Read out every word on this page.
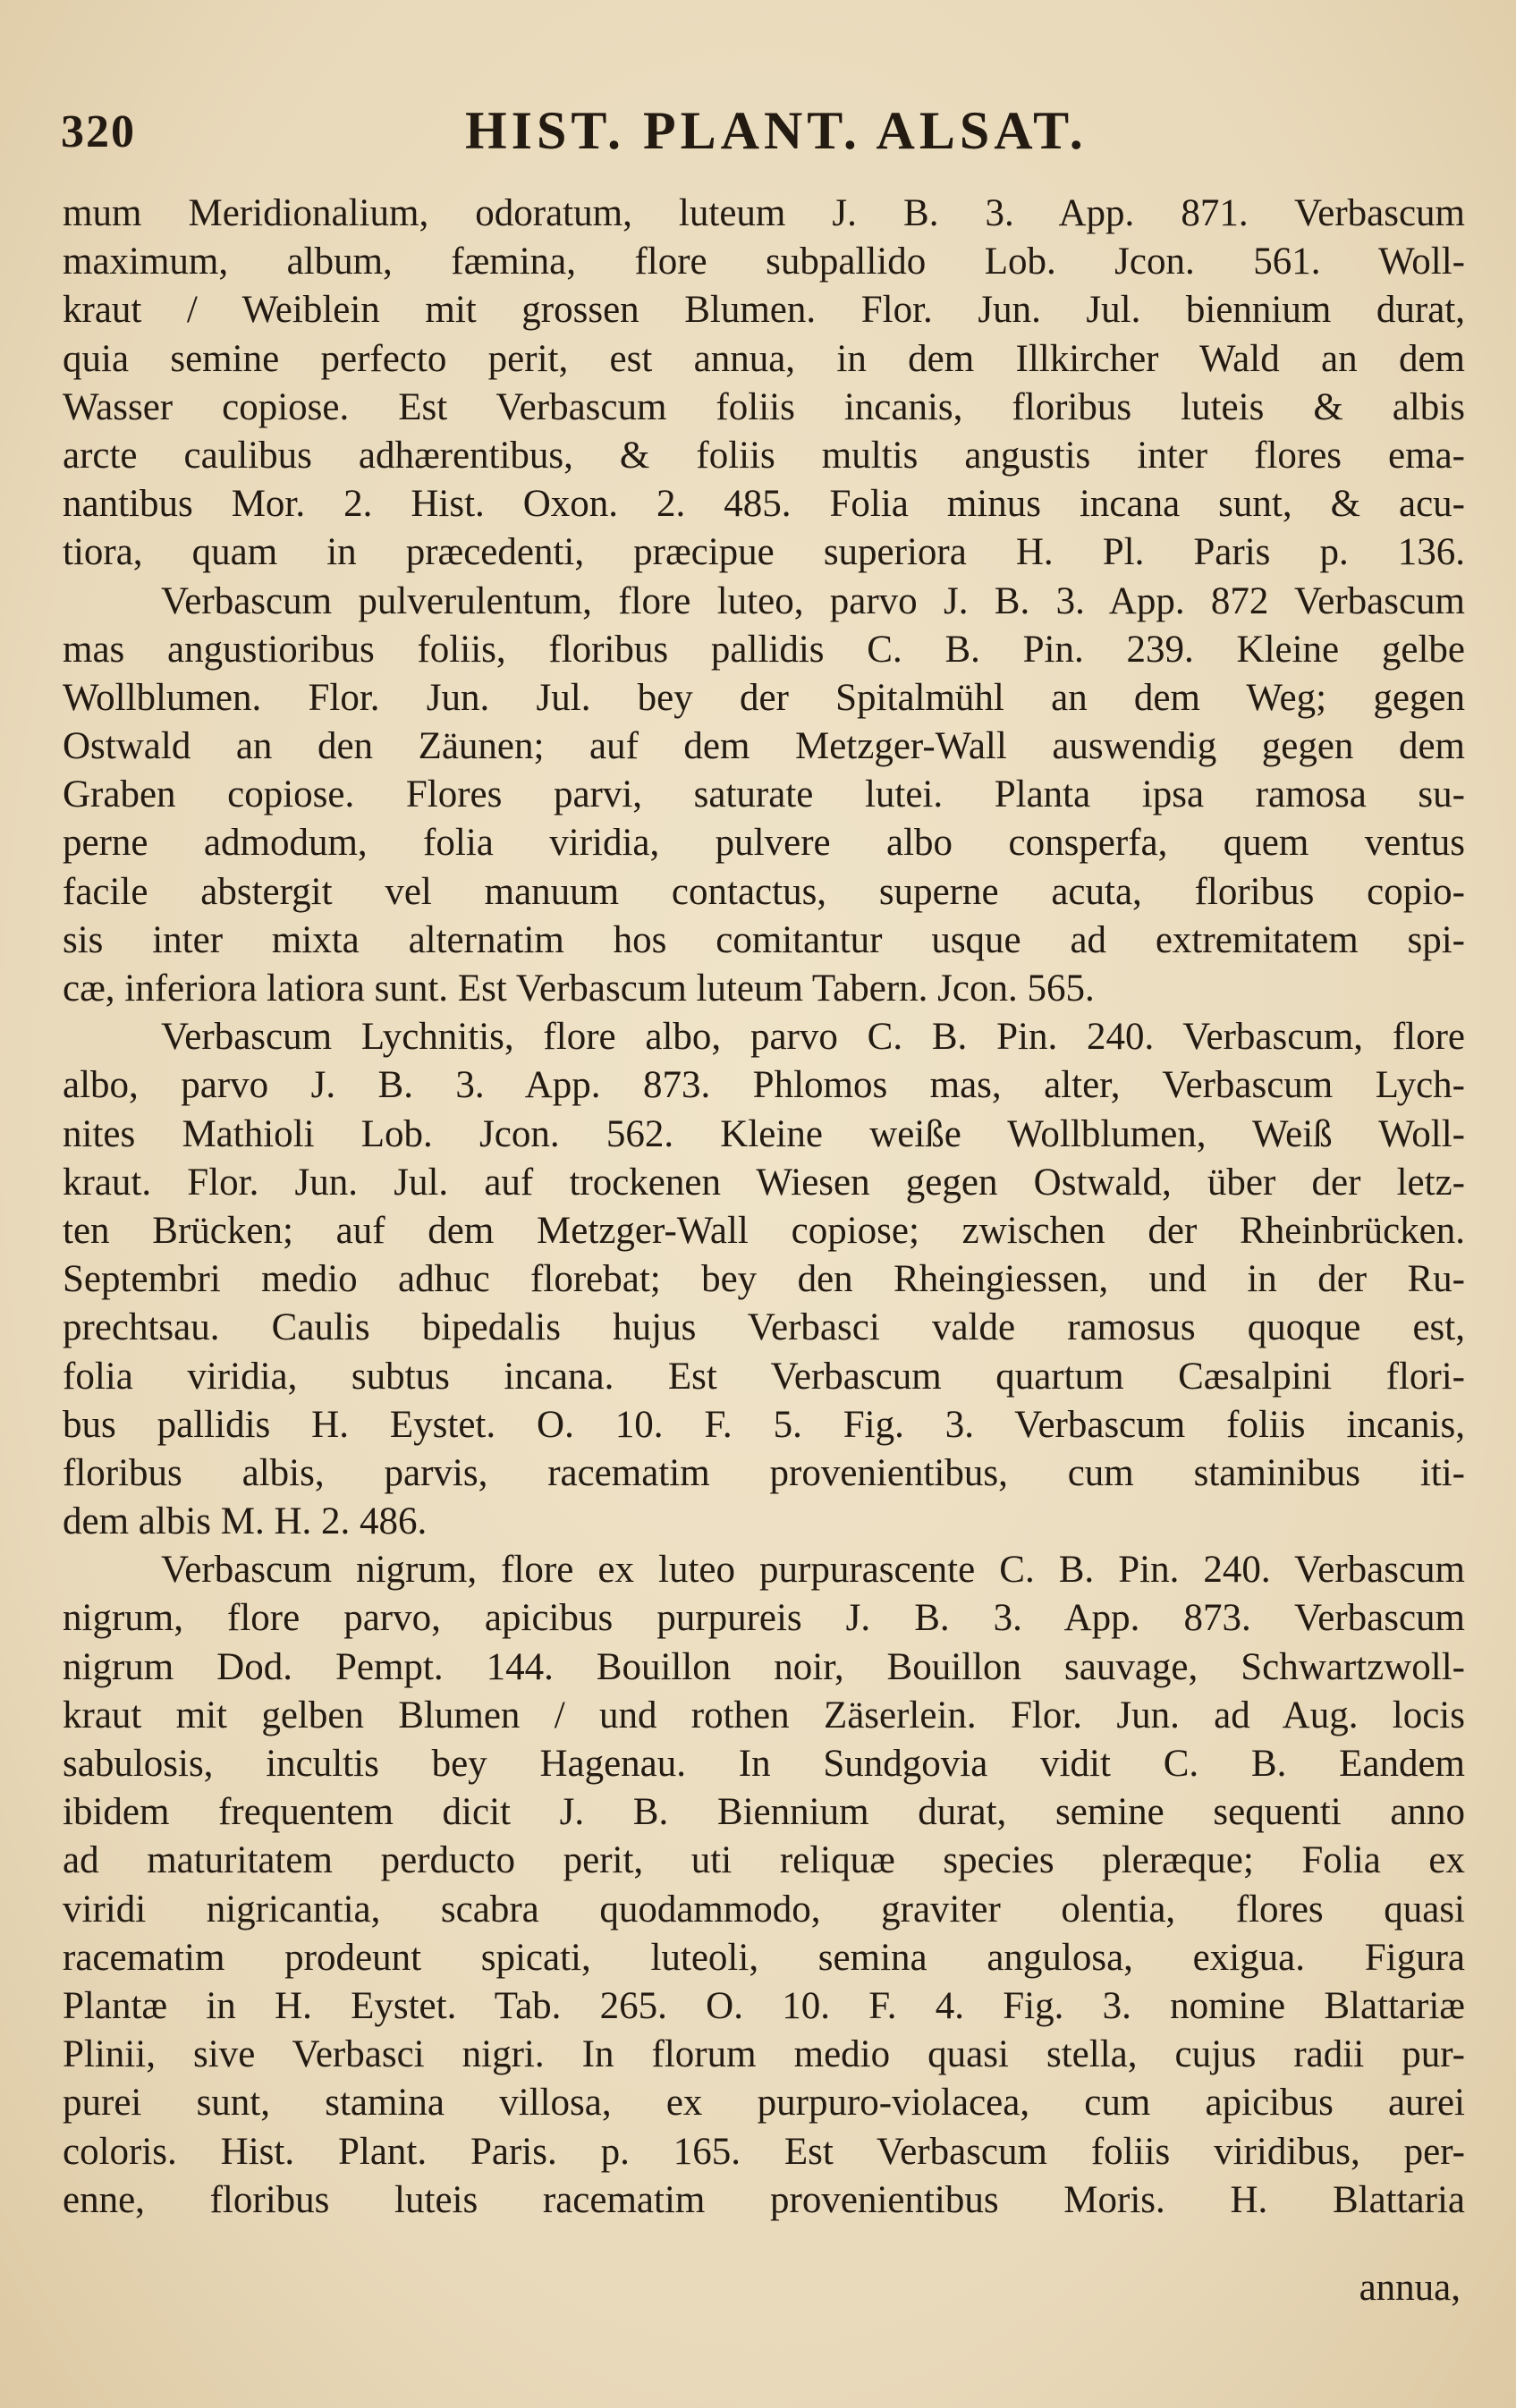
320	HIST. PLANT. ALSAT.
mum Meridionalium, odoratum, luteum J. B. 3. App. 871. Verbascum
maximum, album, fæmina, flore subpallido Lob. Jcon. 561. Woll-
kraut / Weiblein mit grossen Blumen. Flor. Jun. Jul. biennium durat,
quia semine perfecto perit, est annua, in dem Illkircher Wald an dem
Wasser copiose. Est Verbascum foliis incanis, floribus luteis & albis
arcte caulibus adhærentibus, & foliis multis angustis inter flores ema-
nantibus Mor. 2. Hist. Oxon. 2. 485. Folia minus incana sunt, & acu-
tiora, quam in præcedenti, præcipue superiora H. Pl. Paris p. 136.
Verbascum pulverulentum, flore luteo, parvo J. B. 3. App. 872 Verbascum
mas angustioribus foliis, floribus pallidis C. B. Pin. 239. Kleine gelbe
Wollblumen. Flor. Jun. Jul. bey der Spitalmühl an dem Weg; gegen
Ostwald an den Zäunen; auf dem Metzger-Wall auswendig gegen dem
Graben copiose. Flores parvi, saturate lutei. Planta ipsa ramosa su-
perne admodum, folia viridia, pulvere albo consperfa, quem ventus
facile abstergit vel manuum contactus, superne acuta, floribus copio-
sis inter mixta alternatim hos comitantur usque ad extremitatem spi-
cæ, inferiora latiora sunt. Est Verbascum luteum Tabern. Jcon. 565.
Verbascum Lychnitis, flore albo, parvo C. B. Pin. 240. Verbascum, flore
albo, parvo J. B. 3. App. 873. Phlomos mas, alter, Verbascum Lych-
nites Mathioli Lob. Jcon. 562. Kleine weiße Wollblumen, Weiß Woll-
kraut. Flor. Jun. Jul. auf trockenen Wiesen gegen Ostwald, über der letz-
ten Brücken; auf dem Metzger-Wall copiose; zwischen der Rheinbrücken.
Septembri medio adhuc florebat; bey den Rheingiessen, und in der Ru-
prechtsau. Caulis bipedalis hujus Verbasci valde ramosus quoque est,
folia viridia, subtus incana. Est Verbascum quartum Cæsalpini flori-
bus pallidis H. Eystet. O. 10. F. 5. Fig. 3. Verbascum foliis incanis,
floribus albis, parvis, racematim provenientibus, cum staminibus iti-
dem albis M. H. 2. 486.
Verbascum nigrum, flore ex luteo purpurascente C. B. Pin. 240. Verbascum
nigrum, flore parvo, apicibus purpureis J. B. 3. App. 873. Verbascum
nigrum Dod. Pempt. 144. Bouillon noir, Bouillon sauvage, Schwartzwoll-
kraut mit gelben Blumen / und rothen Zäserlein. Flor. Jun. ad Aug. locis
sabulosis, incultis bey Hagenau. In Sundgovia vidit C. B. Eandem
ibidem frequentem dicit J. B. Biennium durat, semine sequenti anno
ad maturitatem perducto perit, uti reliquæ species pleræque; Folia ex
viridi nigricantia, scabra quodammodo, graviter olentia, flores quasi
racematim prodeunt spicati, luteoli, semina angulosa, exigua. Figura
Plantæ in H. Eystet. Tab. 265. O. 10. F. 4. Fig. 3. nomine Blattariæ
Plinii, sive Verbasci nigri. In florum medio quasi stella, cujus radii pur-
purei sunt, stamina villosa, ex purpuro-violacea, cum apicibus aurei
coloris. Hist. Plant. Paris. p. 165. Est Verbascum foliis viridibus, per-
enne, floribus luteis racematim provenientibus Moris. H. Blattaria
annua,
